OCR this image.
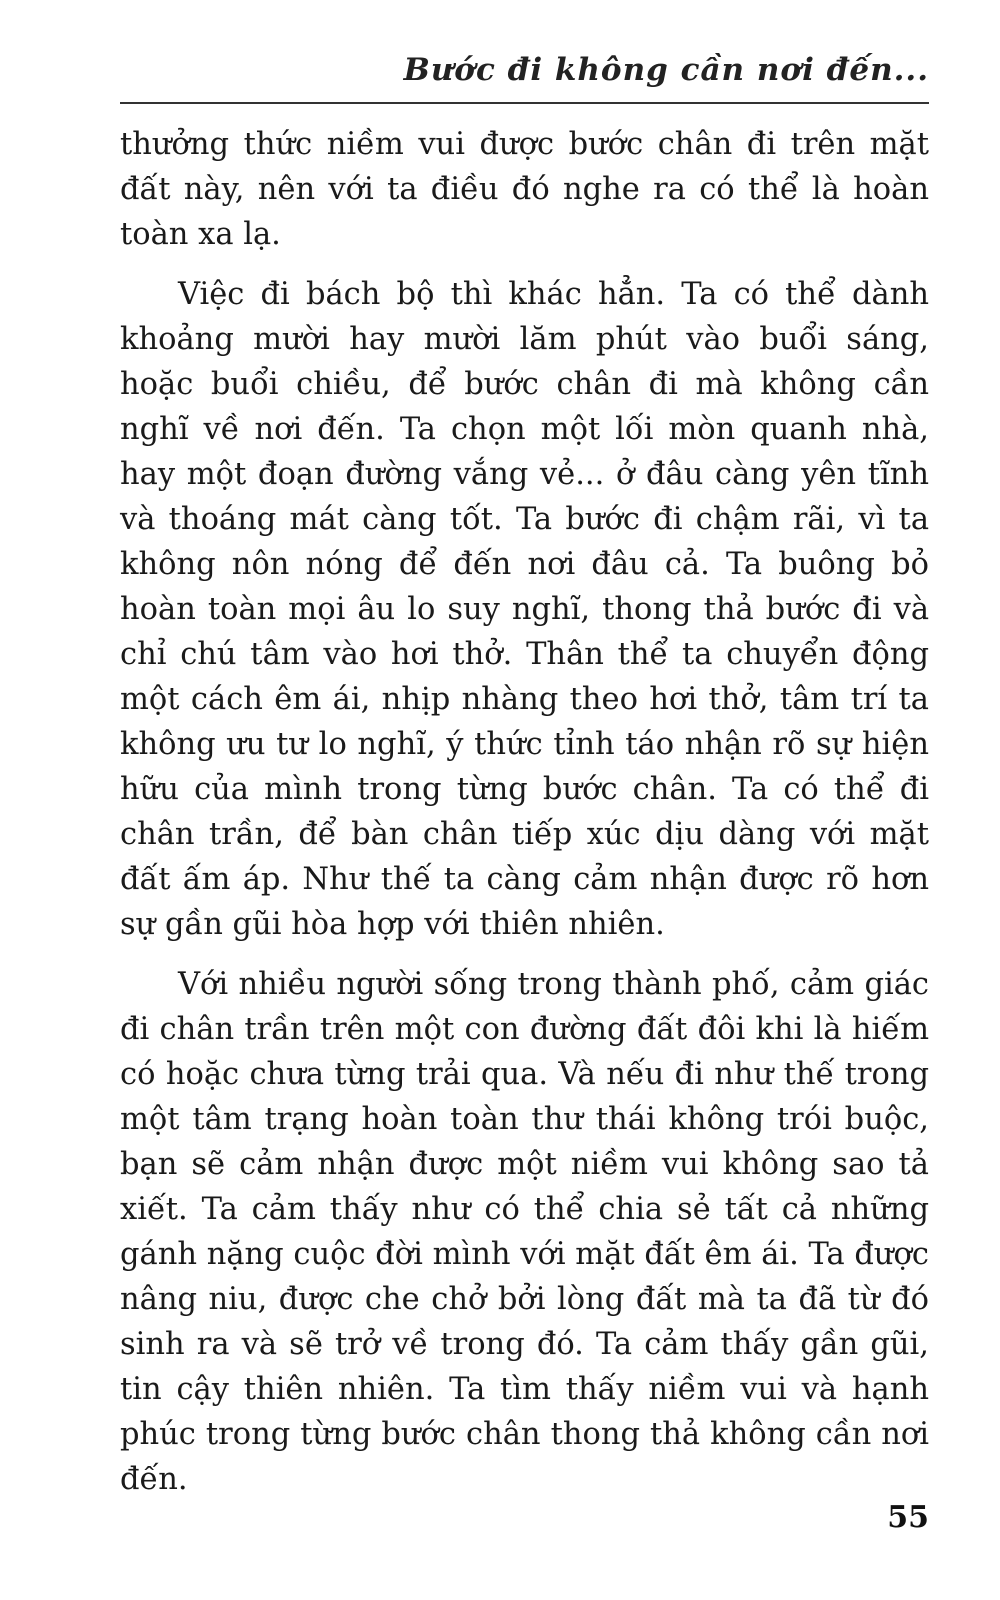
Bước đi không cần nơi đến...

thưởng thức niềm vui được bước chân đi trên mặt đất này, nên với ta điều đó nghe ra có thể là hoàn toàn xa lạ.

Việc đi bách bộ thì khác hẳn. Ta có thể dành khoảng mười hay mười lăm phút vào buổi sáng, hoặc buổi chiều, để bước chân đi mà không cần nghĩ về nơi đến. Ta chọn một lối mòn quanh nhà, hay một đoạn đường vắng vẻ... ở đâu càng yên tĩnh và thoáng mát càng tốt. Ta bước đi chậm rãi, vì ta không nôn nóng để đến nơi đâu cả. Ta buông bỏ hoàn toàn mọi âu lo suy nghĩ, thong thả bước đi và chỉ chú tâm vào hơi thở. Thân thể ta chuyển động một cách êm ái, nhịp nhàng theo hơi thở, tâm trí ta không ưu tư lo nghĩ, ý thức tỉnh táo nhận rõ sự hiện hữu của mình trong từng bước chân. Ta có thể đi chân trần, để bàn chân tiếp xúc dịu dàng với mặt đất ấm áp. Như thế ta càng cảm nhận được rõ hơn sự gần gũi hòa hợp với thiên nhiên.

Với nhiều người sống trong thành phố, cảm giác đi chân trần trên một con đường đất đôi khi là hiếm có hoặc chưa từng trải qua. Và nếu đi như thế trong một tâm trạng hoàn toàn thư thái không trói buộc, bạn sẽ cảm nhận được một niềm vui không sao tả xiết. Ta cảm thấy như có thể chia sẻ tất cả những gánh nặng cuộc đời mình với mặt đất êm ái. Ta được nâng niu, được che chở bởi lòng đất mà ta đã từ đó sinh ra và sẽ trở về trong đó. Ta cảm thấy gần gũi, tin cậy thiên nhiên. Ta tìm thấy niềm vui và hạnh phúc trong từng bước chân thong thả không cần nơi đến.

55
